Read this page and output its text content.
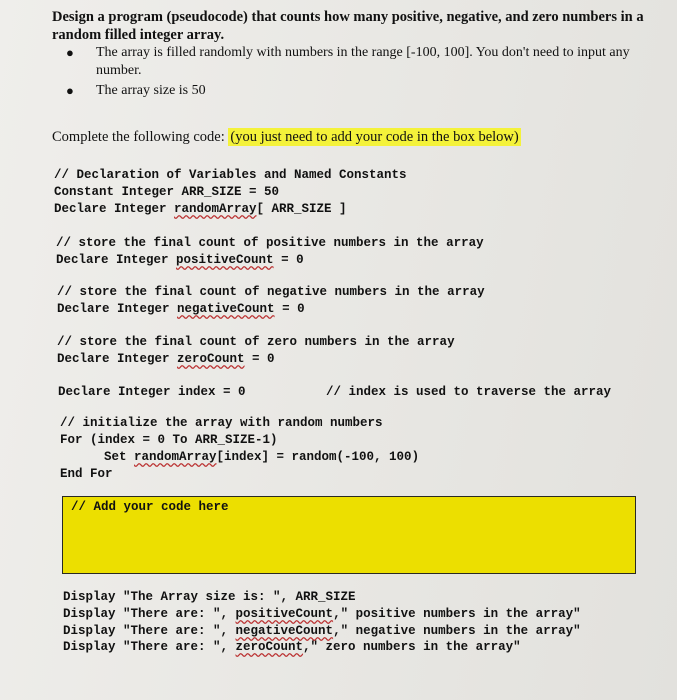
Design a program (pseudocode) that counts how many positive, negative, and zero numbers in a random filled integer array.
● The array is filled randomly with numbers in the range [-100, 100]. You don't need to input any number.
● The array size is 50
Complete the following code: (you just need to add your code in the box below)
// Declaration of Variables and Named Constants
Constant Integer ARR_SIZE = 50
Declare Integer randomArray[ ARR_SIZE ]
// store the final count of positive numbers in the array
Declare Integer positiveCount = 0
// store the final count of negative numbers in the array
Declare Integer negativeCount = 0
// store the final count of zero numbers in the array
Declare Integer zeroCount = 0
Declare Integer index = 0	// index is used to traverse the array
// initialize the array with random numbers
For (index = 0 To ARR_SIZE-1)
Set randomArray[index] = random(-100, 100)
End For
// Add your code here
Display "The Array size is: ", ARR_SIZE
Display "There are: ", positiveCount," positive numbers in the array"
Display "There are: ", negativeCount," negative numbers in the array"
Display "There are: ", zeroCount," zero numbers in the array"
